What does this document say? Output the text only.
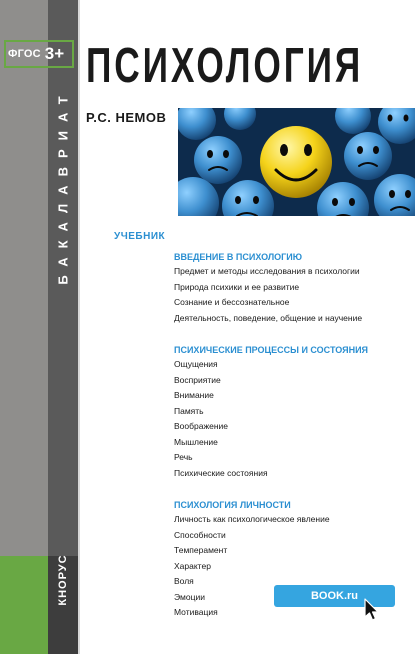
ФГОС 3+
БАКАЛАВРИАТ
КНОРУС
ПСИХОЛОГИЯ
Р.С. НЕМОВ
УЧЕБНИК
ВВЕДЕНИЕ В ПСИХОЛОГИЮ
Предмет и методы исследования в психологии
Природа психики и ее развитие
Сознание и бессознательное
Деятельность, поведение, общение и научение
ПСИХИЧЕСКИЕ ПРОЦЕССЫ И СОСТОЯНИЯ
Ощущения
Восприятие
Внимание
Память
Воображение
Мышление
Речь
Психические состояния
ПСИХОЛОГИЯ ЛИЧНОСТИ
Личность как психологическое явление
Способности
Темперамент
Характер
Воля
Эмоции
Мотивация
BOOK.ru
